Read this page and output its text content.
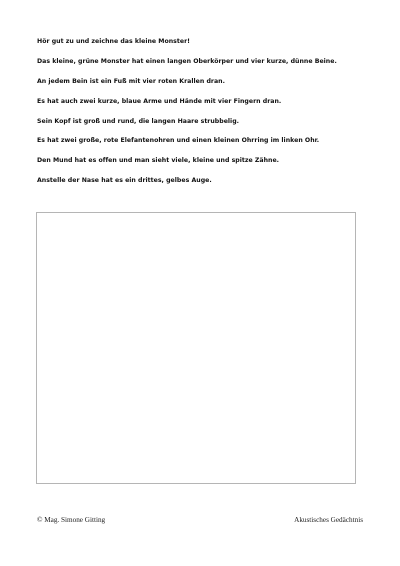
Hör gut zu und zeichne das kleine Monster!
Das kleine, grüne Monster hat einen langen Oberkörper und vier kurze, dünne Beine.
An jedem Bein ist ein Fuß mit vier roten Krallen dran.
Es hat auch zwei kurze, blaue Arme und Hände mit vier Fingern dran.
Sein Kopf ist groß und rund, die langen Haare strubbelig.
Es hat zwei große, rote Elefantenohren und einen kleinen Ohrring im linken Ohr.
Den Mund hat es offen und man sieht viele, kleine und spitze Zähne.
Anstelle der Nase hat es ein drittes, gelbes Auge.
© Mag. Simone Gitting	Akustisches Gedächtnis
